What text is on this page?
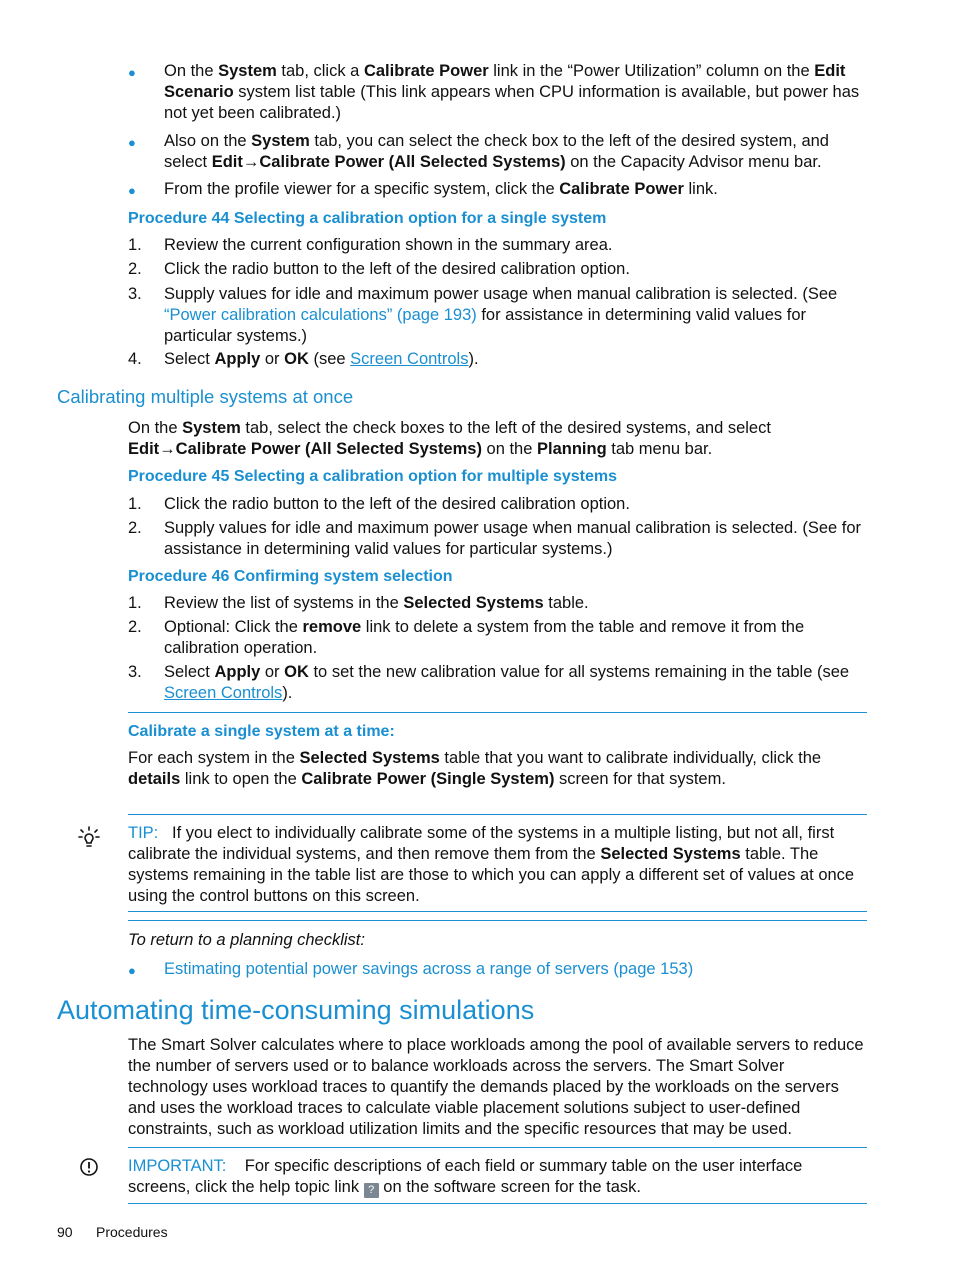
● On the System tab, click a Calibrate Power link in the “Power Utilization” column on the Edit Scenario system list table (This link appears when CPU information is available, but power has not yet been calibrated.)
● Also on the System tab, you can select the check box to the left of the desired system, and select Edit→Calibrate Power (All Selected Systems) on the Capacity Advisor menu bar.
● From the profile viewer for a specific system, click the Calibrate Power link.
Procedure 44 Selecting a calibration option for a single system
1. Review the current configuration shown in the summary area.
2. Click the radio button to the left of the desired calibration option.
3. Supply values for idle and maximum power usage when manual calibration is selected. (See “Power calibration calculations” (page 193) for assistance in determining valid values for particular systems.)
4. Select Apply or OK (see Screen Controls).
Calibrating multiple systems at once
On the System tab, select the check boxes to the left of the desired systems, and select Edit→Calibrate Power (All Selected Systems) on the Planning tab menu bar.
Procedure 45 Selecting a calibration option for multiple systems
1. Click the radio button to the left of the desired calibration option.
2. Supply values for idle and maximum power usage when manual calibration is selected. (See for assistance in determining valid values for particular systems.)
Procedure 46 Confirming system selection
1. Review the list of systems in the Selected Systems table.
2. Optional: Click the remove link to delete a system from the table and remove it from the calibration operation.
3. Select Apply or OK to set the new calibration value for all systems remaining in the table (see Screen Controls).
Calibrate a single system at a time:
For each system in the Selected Systems table that you want to calibrate individually, click the details link to open the Calibrate Power (Single System) screen for that system.
TIP: If you elect to individually calibrate some of the systems in a multiple listing, but not all, first calibrate the individual systems, and then remove them from the Selected Systems table. The systems remaining in the table list are those to which you can apply a different set of values at once using the control buttons on this screen.
To return to a planning checklist:
● Estimating potential power savings across a range of servers (page 153)
Automating time-consuming simulations
The Smart Solver calculates where to place workloads among the pool of available servers to reduce the number of servers used or to balance workloads across the servers. The Smart Solver technology uses workload traces to quantify the demands placed by the workloads on the servers and uses the workload traces to calculate viable placement solutions subject to user-defined constraints, such as workload utilization limits and the specific resources that may be used.
IMPORTANT: For specific descriptions of each field or summary table on the user interface screens, click the help topic link ? on the software screen for the task.
90 Procedures
